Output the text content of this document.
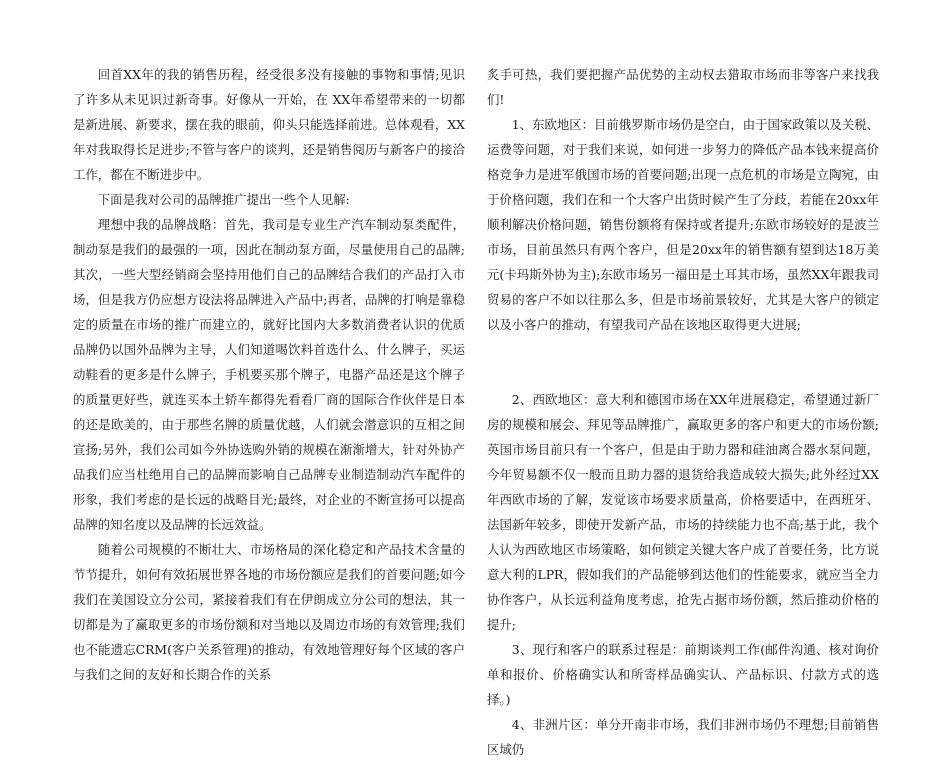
回首XX年的我的销售历程，经受很多没有接触的事物和事情;见识了许多从未见识过新奇事。好像从一开始，在 XX年希望带来的一切都是新进展、新要求，摆在我的眼前，仰头只能选择前进。总体观看，XX年对我取得长足进步;不管与客户的谈判，还是销售阅历与新客户的接洽工作，都在不断进步中。

下面是我对公司的品牌推广提出一些个人见解:

理想中我的品牌战略：首先，我司是专业生产汽车制动泵类配件，制动泵是我们的最强的一项，因此在制动泵方面，尽量使用自己的品牌;其次，一些大型经销商会坚持用他们自己的品牌结合我们的产品打入市场，但是我方仍应想方设法将品牌进入产品中;再者，品牌的打响是靠稳定的质量在市场的推广而建立的，就好比国内大多数消费者认识的优质品牌仍以国外品牌为主导，人们知道喝饮料首选什么、什么牌子，买运动鞋看的更多是什么牌子，手机要买那个牌子，电器产品还是这个牌子的质量更好些，就连买本土轿车都得先看看厂商的国际合作伙伴是日本的还是欧美的，由于那些名牌的质量优越，人们就会潜意识的互相之间宣扬;另外，我们公司如今外协选购外销的规模在渐渐增大，针对外协产品我们应当杜绝用自己的品牌而影响自己品牌专业制造制动汽车配件的形象，我们考虑的是长远的战略目光;最终，对企业的不断宣扬可以提高品牌的知名度以及品牌的长远效益。

随着公司规模的不断壮大、市场格局的深化稳定和产品技术含量的节节提升，如何有效拓展世界各地的市场份额应是我们的首要问题;如今我们在美国设立分公司，紧接着我们有在伊朗成立分公司的想法，其一切都是为了赢取更多的市场份额和对当地以及周边市场的有效管理;我们也不能遗忘CRM(客户关系管理)的推动，有效地管理好每个区域的客户与我们之间的友好和长期合作的关系

炙手可热，我们要把握产品优势的主动权去猎取市场而非等客户来找我们!

1、东欧地区：目前俄罗斯市场仍是空白，由于国家政策以及关税、运费等问题，对于我们来说，如何进一步努力的降低产品本钱来提高价格竞争力是进军俄国市场的首要问题;出现一点危机的市场是立陶宛，由于价格问题，我们在和一个大客户出货时候产生了分歧，若能在20xx年顺利解决价格问题，销售份额将有保持或者提升;东欧市场较好的是波兰市场，目前虽然只有两个客户，但是20xx年的销售额有望到达18万美元(卡玛斯外协为主);东欧市场另一福田是土耳其市场，虽然XX年跟我司贸易的客户不如以往那么多，但是市场前景较好，尤其是大客户的锁定以及小客户的推动，有望我司产品在该地区取得更大进展;

2、西欧地区：意大利和德国市场在XX年进展稳定，希望通过新厂房的规模和展会、拜见等品牌推广，赢取更多的客户和更大的市场份额;英国市场目前只有一个客户，但是由于助力器和硅油离合器水泵问题，今年贸易额不仅一般而且助力器的退货给我造成较大损失;此外经过XX年西欧市场的了解，发觉该市场要求质量高，价格要适中，在西班牙、法国新年较多，即使开发新产品，市场的持续能力也不高;基于此，我个人认为西欧地区市场策略，如何锁定关键大客户成了首要任务，比方说意大利的LPR，假如我们的产品能够到达他们的性能要求，就应当全力协作客户，从长远利益角度考虑，抢先占据市场份额，然后推动价格的提升;

3、现行和客户的联系过程是：前期谈判工作(邮件沟通、核对询价单和报价、价格确实认和所寄样品确实认、产品标识、付款方式的选择。)

4、非洲片区：单分开南非市场，我们非洲市场仍不理想;目前销售区域仍
